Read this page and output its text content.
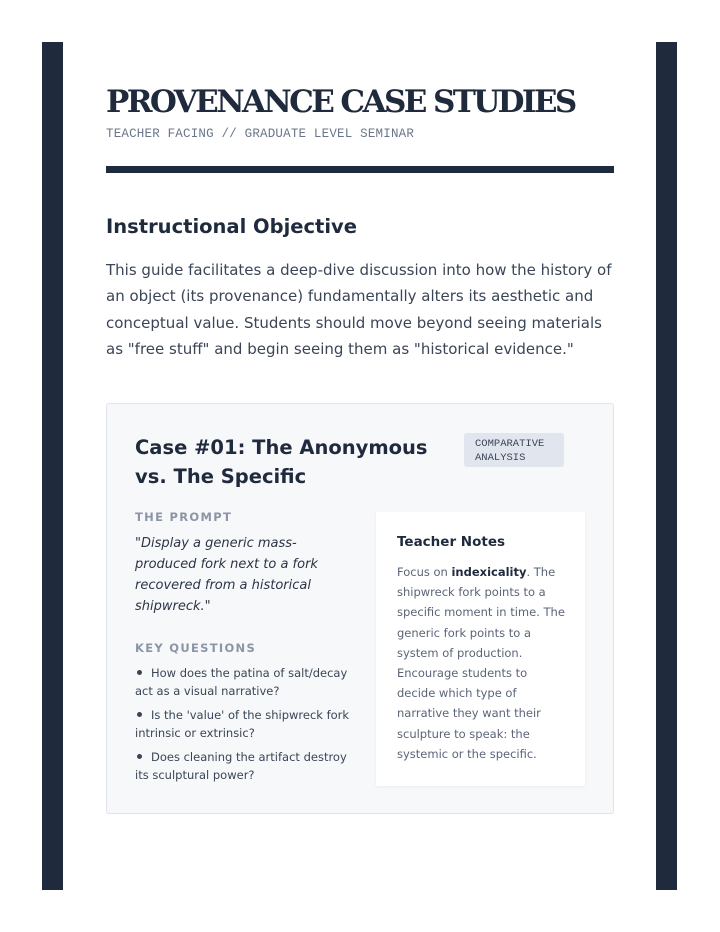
PROVENANCE CASE STUDIES
TEACHER FACING // GRADUATE LEVEL SEMINAR
Instructional Objective

This guide facilitates a deep-dive discussion into how the history of an object (its provenance) fundamentally alters its aesthetic and conceptual value. Students should move beyond seeing materials as "free stuff" and begin seeing them as "historical evidence."

Case #01: The Anonymous vs. The Specific
COMPARATIVE ANALYSIS
THE PROMPT

"Display a generic mass-produced fork next to a fork recovered from a historical shipwreck."

KEY QUESTIONS
How does the patina of salt/decay act as a visual narrative?
Is the 'value' of the shipwreck fork intrinsic or extrinsic?
Does cleaning the artifact destroy its sculptural power?
Teacher Notes

Focus on indexicality. The shipwreck fork points to a specific moment in time. The generic fork points to a system of production. Encourage students to decide which type of narrative they want their sculpture to speak: the systemic or the specific.
